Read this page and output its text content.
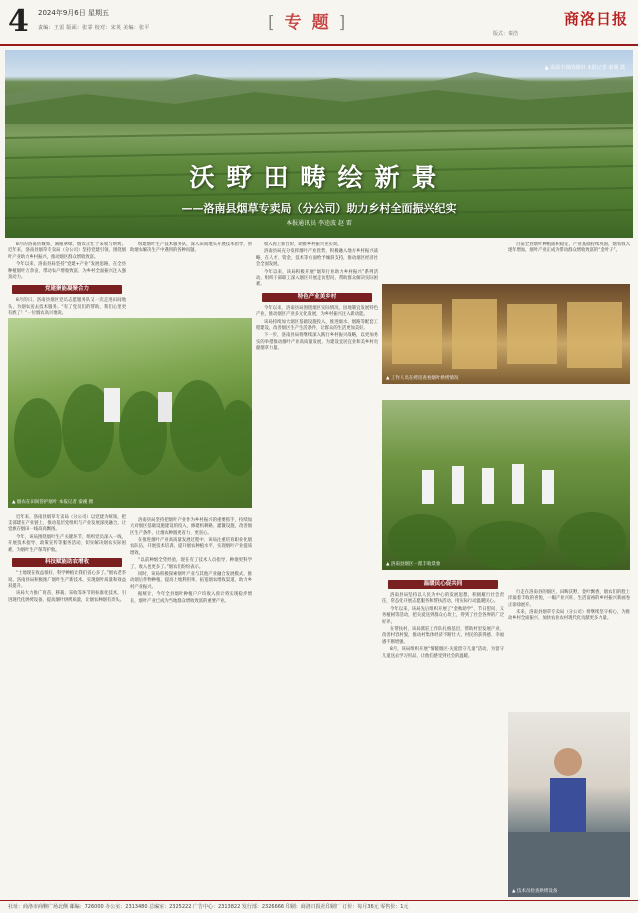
4 2024年9月6日 星期五
责编：王雷 版面：张霏 校对：宋英 美编：张平	[专题]
版式：秦浩
商洛日报
▲ 高原丰润的烟田 本报记者 秦溪 摄
沃野田畴绘新景
——洛南县烟草专卖局（分公司）助力乡村全面振兴纪实
本报通讯员 李逵波 赵 雷

8月的洛南县城郊，满眼翠绿，烟农正忙于采收与烘烤。近年来，洛南县烟草专卖局（分公司）坚持党建引领，围绕烟叶产业助力乡村振兴，推动烟区群众增收致富。

今年以来，洛南县局坚持“党建+产业”发展思路，在全县种植烟叶万余亩，带动农户增收致富，为乡村全面振兴注入强劲动力。

党建聚能凝聚合力

8月的日，洛南县烟区党员志愿服务队又一次走进田间地头，为烟农送去技术服务。“有了党员们的帮助，我们心里更有底了！”一位烟农高兴地说。

近年来，洛南县烟草专卖局（分公司）以党建为统领，把支部建在产业链上，推动基层党组织与产业发展深度融合，让党旗在烟田一线高高飘扬。

今年，该局围绕烟叶生产关键环节，组织党员深入一线，开展技术指导、政策宣传等服务活动，切实解决烟农实际困难，为烟叶生产保驾护航。

科技赋能助农增收

“土地现在收益很好，科学种植让我们省心多了。”烟农老李说。洛南县局积极推广烟叶生产新技术，实现烟叶质量和效益双提升。

该局大力推广育苗、移栽、采收等环节的标准化技术，引进现代化烘烤设备，提高烟叶烘烤质量，让烟农种烟有奔头。

组建烟叶生产技术服务队，深入田间地头开展技术指导，帮助烟农解决生产中遇到的各种问题。

洛南县局坚持把烟叶产业作为乡村振兴的重要抓手，持续加大对烟区基础设施建设的投入，修建机耕路、灌溉设施，改善烟区生产条件，让烟农种烟更省力、更省心。

在推进烟叶产业高质量发展过程中，该局注重培育职业化烟农队伍，开展技术培训，提升烟农种植水平，实现烟叶产业提质增效。

“以前种烟全凭经验，现在有了技术人员指导，种烟更科学了，收入也更多了。”烟农们纷纷表示。

同时，该局积极探索烟叶产业与其他产业融合发展模式，推动烟后作物种植，提高土地利用率，拓宽烟农增收渠道，助力乡村产业振兴。

据统计，今年全县烟叶种植户户均收入预计将实现稳步增长，烟叶产业已成为当地群众增收致富的重要产业。

收入再上新台阶，助推乡村振兴见实效。

洛南县局充分发挥烟叶产业优势，积极融入地方乡村振兴战略，在人才、资金、技术等方面给予倾斜支持，推动烟区经济社会全面发展。

今年以来，该局积极开展“烟草行业助力乡村振兴”系列活动，组织干部职工深入烟区开展走访慰问，帮助群众解决实际困难。

特色产业美乡村

今年以来，洛南县局围绕烟区实际情况，因地制宜发展特色产业，推动烟区产业多元化发展，为乡村振兴注入新动能。

该局持续加大烟区基础设施投入，推进烟水、烟路等配套工程建设，改善烟区生产生活条件，让群众的生活更加美好。

下一步，洛南县局将继续深入践行乡村振兴战略，以更加务实的举措推动烟叶产业高质量发展，为建设宜居宜业和美乡村贡献烟草力量。

温暖民心促共同

洛南县局坚持以人民为中心的发展思想，积极履行社会责任，常态化开展志愿服务和帮扶活动，用实际行动温暖民心。

今年以来，该局先后组织开展了“金秋助学”、节日慰问、义务植树等活动，把关爱送到群众心坎上，得到了社会各界的广泛好评。

在帮扶村，该局派驻工作队扎根基层，帮助村里发展产业、改善村容村貌，推动村集体经济不断壮大，村民的获得感、幸福感不断增强。

8月，该局组织开展“情暖烟区·关爱留守儿童”活动，为留守儿童送去学习用品，让他们感受到社会的温暖。

目前全县烟叶种植面积稳定，产业基础持续巩固，烟农收入逐年增加，烟叶产业正成为带动群众增收致富的“金叶子”。

行走在洛南县的烟区，田畴沃野，金叶飘香，烟农们的脸上洋溢着丰收的喜悦，一幅产业兴旺、生活富裕的乡村振兴新画卷正徐徐展开。

未来，洛南县烟草专卖局（分公司）将继续坚守初心，为推动乡村全面振兴、加快农业农村现代化贡献更多力量。

▲ 烟农在田间管护烟叶 本报记者 秦溪 摄
▲ 工作人员在烤房查看烟叶烘烤情况
▲ 洛南县烟区一派丰收景象
▲ 技术员检查烘烤设备
社址：商洛市商鞅广场北侧 邮编：726000 办公室：2313480 总编室：2325222 广告中心：2313822 发行部：2326666 印刷：商洛日报社印刷厂 订价：每月36元 零售价：1元
